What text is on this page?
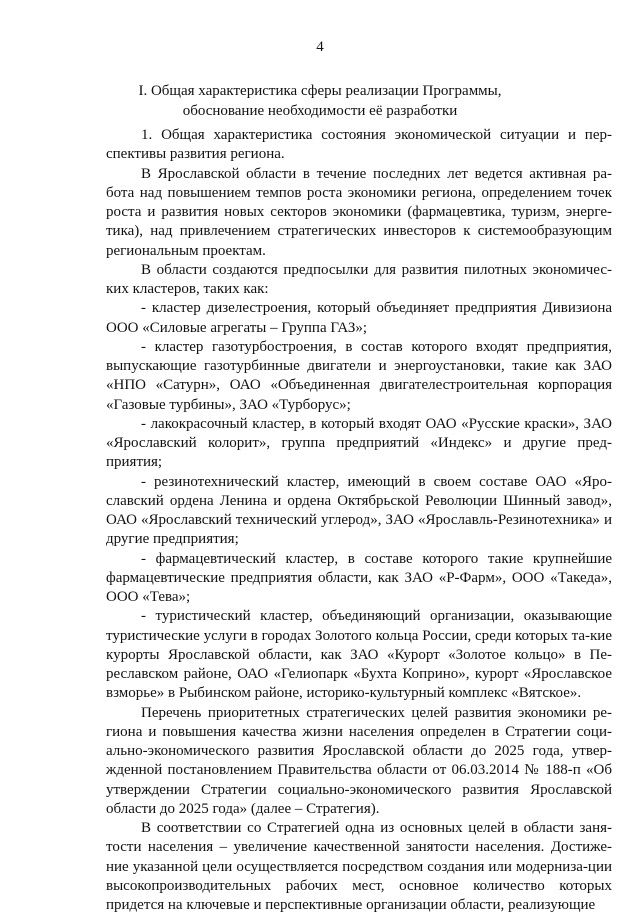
4
I. Общая характеристика сферы реализации Программы,
обоснование необходимости её разработки

1. Общая характеристика состояния экономической ситуации и пер-спективы развития региона.

В Ярославской области в течение последних лет ведется активная ра-бота над повышением темпов роста экономики региона, определением точек роста и развития новых секторов экономики (фармацевтика, туризм, энерге-тика), над привлечением стратегических инвесторов к системообразующим региональным проектам.

В области создаются предпосылки для развития пилотных экономичес-ких кластеров, таких как:

- кластер дизелестроения, который объединяет предприятия Дивизиона ООО «Силовые агрегаты – Группа ГАЗ»;

- кластер газотурбостроения, в состав которого входят предприятия, выпускающие газотурбинные двигатели и энергоустановки, такие как ЗАО «НПО «Сатурн», ОАО «Объединенная двигателестроительная корпорация «Газовые турбины», ЗАО «Турборус»;

- лакокрасочный кластер, в который входят ОАО «Русские краски», ЗАО «Ярославский колорит», группа предприятий «Индекс» и другие пред-приятия;

- резинотехнический кластер, имеющий в своем составе ОАО «Яро-славский ордена Ленина и ордена Октябрьской Революции Шинный завод», ОАО «Ярославский технический углерод», ЗАО «Ярославль-Резинотехника» и другие предприятия;

- фармацевтический кластер, в составе которого такие крупнейшие фармацевтические предприятия области, как ЗАО «Р-Фарм», ООО «Такеда», ООО «Тева»;

- туристический кластер, объединяющий организации, оказывающие туристические услуги в городах Золотого кольца России, среди которых та-кие курорты Ярославской области, как ЗАО «Курорт «Золотое кольцо» в Пе-реславском районе, ОАО «Гелиопарк «Бухта Коприно», курорт «Ярославское взморье» в Рыбинском районе, историко-культурный комплекс «Вятское».

Перечень приоритетных стратегических целей развития экономики ре-гиона и повышения качества жизни населения определен в Стратегии соци-ально-экономического развития Ярославской области до 2025 года, утвер-жденной постановлением Правительства области от 06.03.2014 № 188-п «Об утверждении Стратегии социально-экономического развития Ярославской области до 2025 года» (далее – Стратегия).

В соответствии со Стратегией одна из основных целей в области заня-тости населения – увеличение качественной занятости населения. Достиже-ние указанной цели осуществляется посредством создания или модерниза-ции высокопроизводительных рабочих мест, основное количество которых придется на ключевые и перспективные организации области, реализующие
